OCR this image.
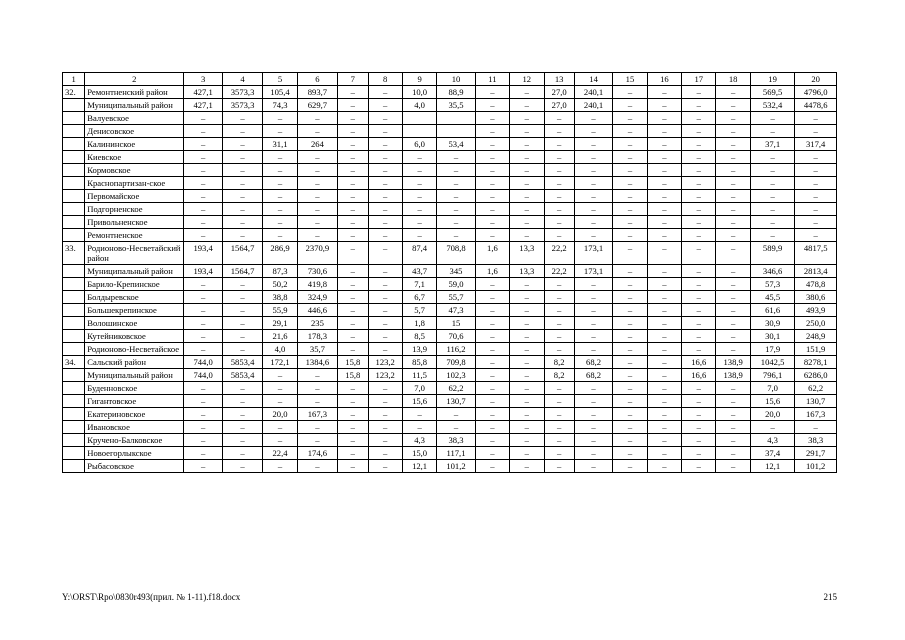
1	2	3	4	5	6	7	8	9	10	11	12	13	14	15	16	17	18	19	20
32.	Ремонтненский район	427,1	3573,3	105,4	893,7	–	–	10,0	88,9	–	–	27,0	240,1	–	–	–	–	569,5	4796,0
	Муниципальный район	427,1	3573,3	74,3	629,7	–	–	4,0	35,5	–	–	27,0	240,1	–	–	–	–	532,4	4478,6
	Валуевское	–	–	–	–	–	–			–	–	–	–	–	–	–	–	–	–
	Денисовское	–	–	–	–	–	–			–	–	–	–	–	–	–	–	–	–
	Калининское	–	–	31,1	264	–	–	6,0	53,4	–	–	–	–	–	–	–	–	37,1	317,4
	Киевское	–	–	–	–	–	–	–	–	–	–	–	–	–	–	–	–	–	–
	Кормовское	–	–	–	–	–	–	–	–	–	–	–	–	–	–	–	–	–	–
	Краснопартизан-ское	–	–	–	–	–	–	–	–	–	–	–	–	–	–	–	–	–	–
	Первомайское	–	–	–	–	–	–	–	–	–	–	–	–	–	–	–	–	–	–
	Подгорненское	–	–	–	–	–	–	–	–	–	–	–	–	–	–	–	–	–	–
	Привольненское	–	–	–	–	–	–	–	–	–	–	–	–	–	–	–	–	–	–
	Ремонтненское	–	–	–	–	–	–	–	–	–	–	–	–	–	–	–	–	–	–
33.	Родионово-Несветайский район	193,4	1564,7	286,9	2370,9	–	–	87,4	708,8	1,6	13,3	22,2	173,1	–	–	–	–	589,9	4817,5
	Муниципальный район	193,4	1564,7	87,3	730,6	–	–	43,7	345	1,6	13,3	22,2	173,1	–	–	–	–	346,6	2813,4
	Барило-Крепинское	–	–	50,2	419,8	–	–	7,1	59,0	–	–	–	–	–	–	–	–	57,3	478,8
	Болдыревское	–	–	38,8	324,9	–	–	6,7	55,7	–	–	–	–	–	–	–	–	45,5	380,6
	Большекрепинское	–	–	55,9	446,6	–	–	5,7	47,3	–	–	–	–	–	–	–	–	61,6	493,9
	Волошинское	–	–	29,1	235	–	–	1,8	15	–	–	–	–	–	–	–	–	30,9	250,0
	Кутейниковское	–	–	21,6	178,3	–	–	8,5	70,6	–	–	–	–	–	–	–	–	30,1	248,9
	Родионово-Несветайское	–	–	4,0	35,7	–	–	13,9	116,2	–	–	–	–	–	–	–	–	17,9	151,9
34.	Сальский район	744,0	5853,4	172,1	1384,6	15,8	123,2	85,8	709,8	–	–	8,2	68,2	–	–	16,6	138,9	1042,5	8278,1
	Муниципальный район	744,0	5853,4	–	–	15,8	123,2	11,5	102,3	–	–	8,2	68,2	–	–	16,6	138,9	796,1	6286,0
	Буденновское	–	–	–	–	–	–	7,0	62,2	–	–	–	–	–	–	–	–	7,0	62,2
	Гигантовское	–	–	–	–	–	–	15,6	130,7	–	–	–	–	–	–	–	–	15,6	130,7
	Екатериновское	–	–	20,0	167,3	–	–	–	–	–	–	–	–	–	–	–	–	20,0	167,3
	Ивановское	–	–	–	–	–	–	–	–	–	–	–	–	–	–	–	–	–	–
	Кручено-Балковское	–	–	–	–	–	–	4,3	38,3	–	–	–	–	–	–	–	–	4,3	38,3
	Новоегорлыкское	–	–	22,4	174,6	–	–	15,0	117,1	–	–	–	–	–	–	–	–	37,4	291,7
	Рыбасовское	–	–	–	–	–	–	12,1	101,2	–	–	–	–	–	–	–	–	12,1	101,2
Y:\ORST\Rpo\0830r493(прил. № 1-11).f18.docx	215
